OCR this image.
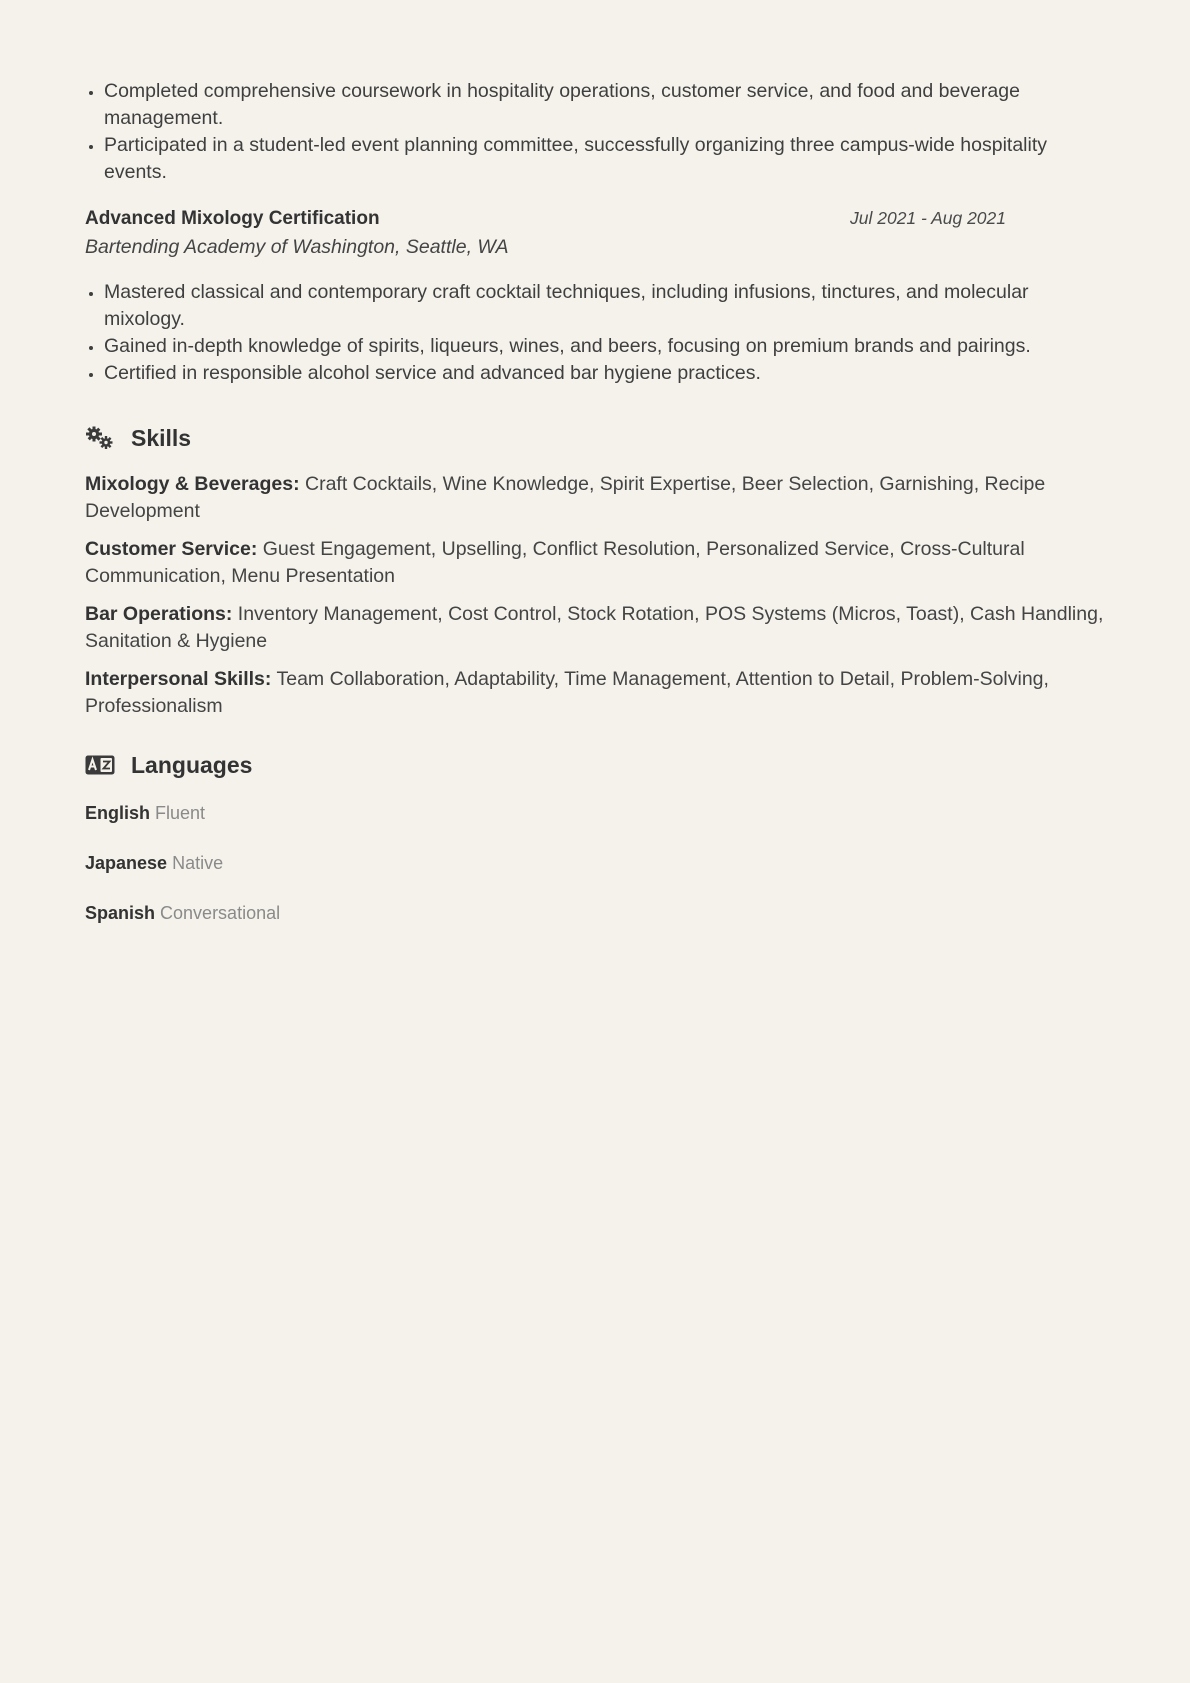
• Completed comprehensive coursework in hospitality operations, customer service, and food and beverage management.
• Participated in a student-led event planning committee, successfully organizing three campus-wide hospitality events.
Advanced Mixology Certification	Jul 2021 - Aug 2021
Bartending Academy of Washington, Seattle, WA
• Mastered classical and contemporary craft cocktail techniques, including infusions, tinctures, and molecular mixology.
• Gained in-depth knowledge of spirits, liqueurs, wines, and beers, focusing on premium brands and pairings.
• Certified in responsible alcohol service and advanced bar hygiene practices.
Skills
Mixology & Beverages: Craft Cocktails, Wine Knowledge, Spirit Expertise, Beer Selection, Garnishing, Recipe Development
Customer Service: Guest Engagement, Upselling, Conflict Resolution, Personalized Service, Cross-Cultural Communication, Menu Presentation
Bar Operations: Inventory Management, Cost Control, Stock Rotation, POS Systems (Micros, Toast), Cash Handling, Sanitation & Hygiene
Interpersonal Skills: Team Collaboration, Adaptability, Time Management, Attention to Detail, Problem-Solving, Professionalism
Languages
English Fluent
Japanese Native
Spanish Conversational
